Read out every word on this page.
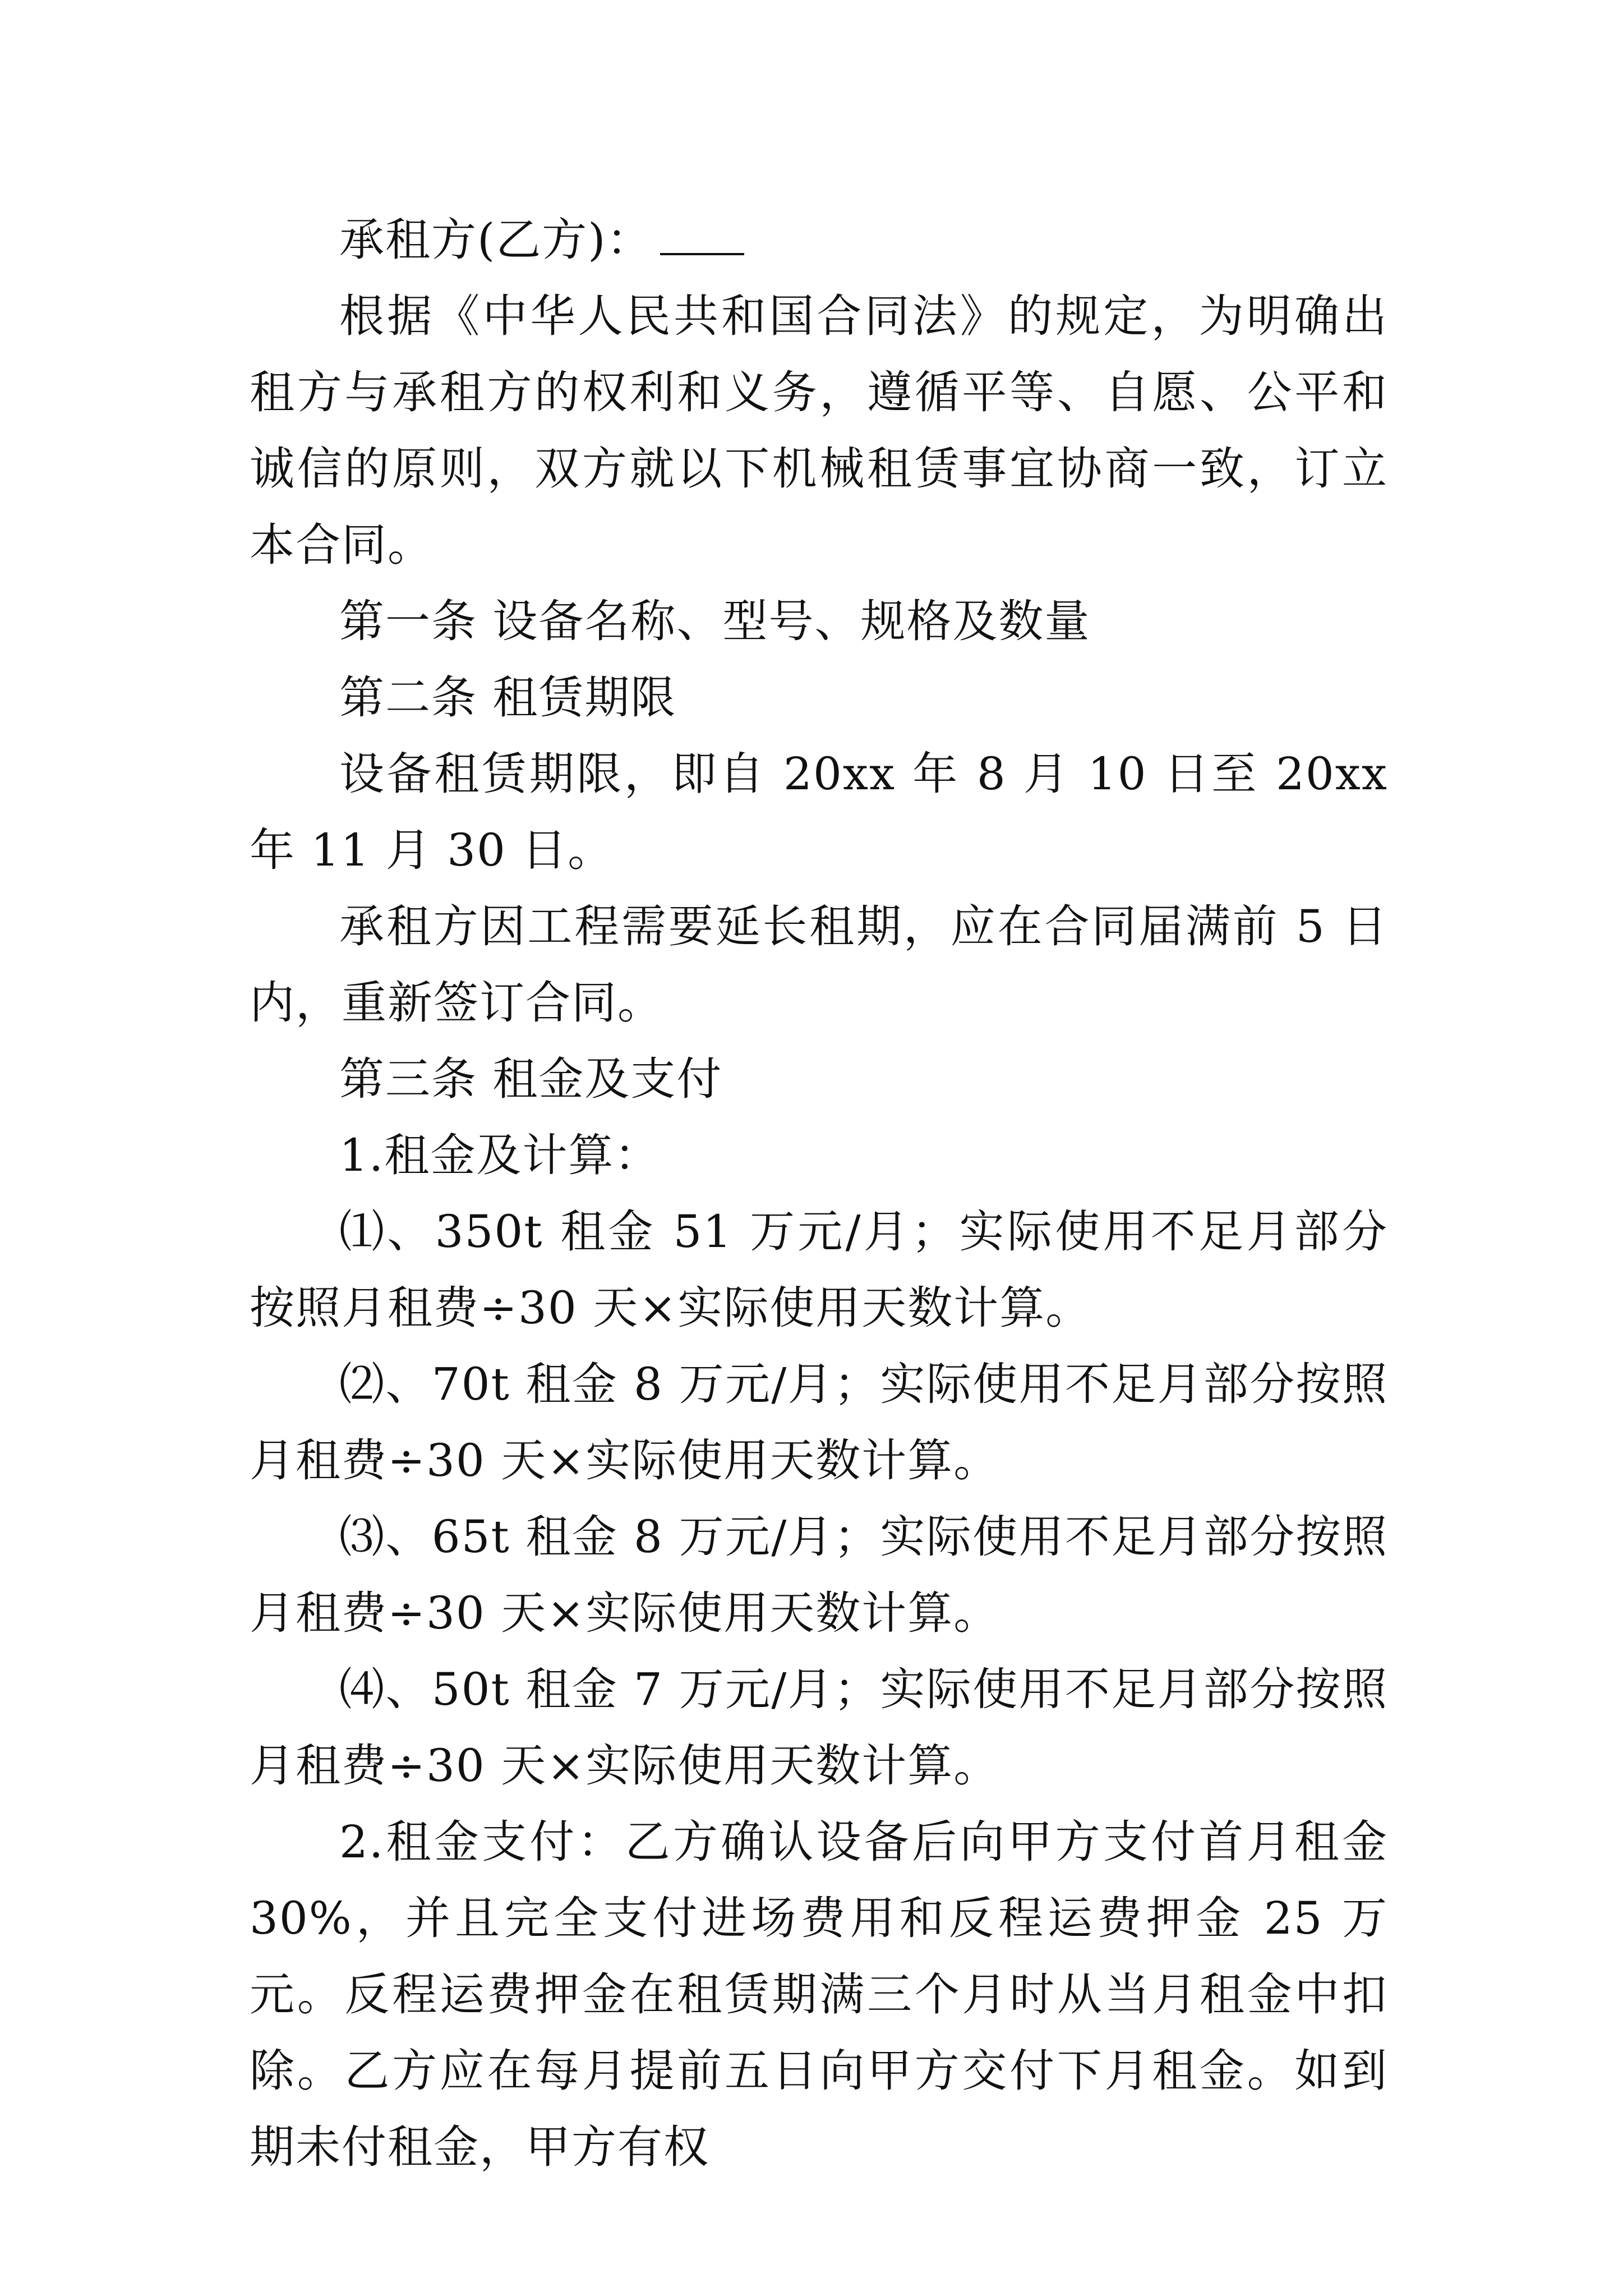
承租方(乙方)：

根据《中华人民共和国合同法》的规定，为明确出租方与承租方的权利和义务，遵循平等、自愿、公平和诚信的原则，双方就以下机械租赁事宜协商一致，订立本合同。

第一条 设备名称、型号、规格及数量

第二条 租赁期限

设备租赁期限，即自 20xx 年 8 月 10 日至 20xx 年 11 月 30 日。

承租方因工程需要延长租期，应在合同届满前 5 日内，重新签订合同。

第三条 租金及支付

1.租金及计算：

⑴、350t 租金 51 万元/月；实际使用不足月部分按照月租费÷30 天×实际使用天数计算。

⑵、70t 租金 8 万元/月；实际使用不足月部分按照月租费÷30 天×实际使用天数计算。

⑶、65t 租金 8 万元/月；实际使用不足月部分按照月租费÷30 天×实际使用天数计算。

⑷、50t 租金 7 万元/月；实际使用不足月部分按照月租费÷30 天×实际使用天数计算。

2.租金支付：乙方确认设备后向甲方支付首月租金 30%，并且完全支付进场费用和反程运费押金 25 万 元。反程运费押金在租赁期满三个月时从当月租金中扣除。乙方应在每月提前五日向甲方交付下月租金。如到期未付租金，甲方有权
